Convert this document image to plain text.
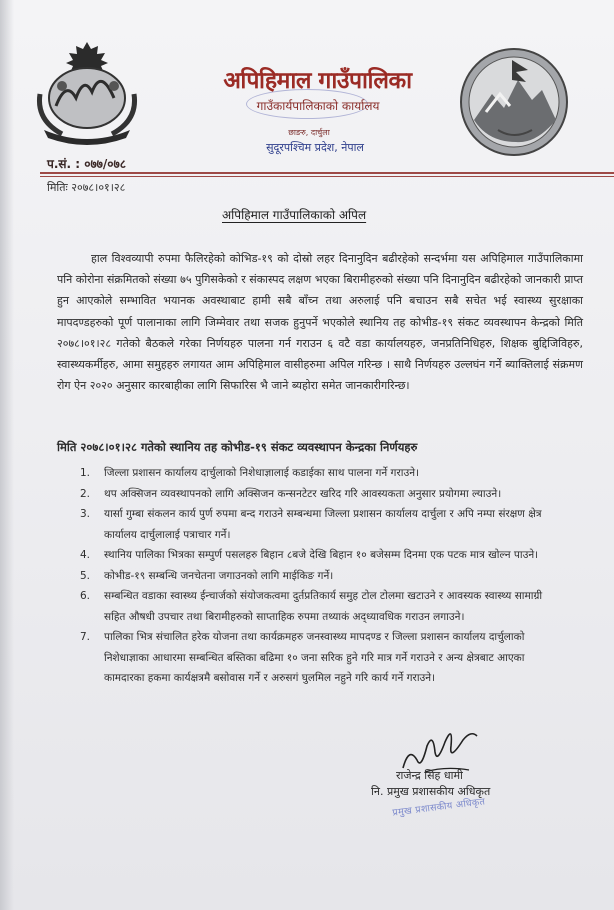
अपिहिमाल गाउँपालिका
गाउँकार्यपालिकाको कार्यालय
छाङरु, दार्चुला
सुदूरपश्चिम प्रदेश, नेपाल
प.सं. : ०७७/०७८
मितिः २०७८।०१।२८
अपिहिमाल गाउँपालिकाको अपिल
हाल विश्वव्यापी रुपमा फैलिरहेको कोभिड-१९ को दोस्रो लहर दिनानुदिन बढीरहेको सन्दर्भमा यस अपिहिमाल गाउँपालिकामा पनि कोरोना संक्रमितको संख्या ७५ पुगिसकेको र संकास्पद लक्षण भएका बिरामीहरुको संख्या पनि दिनानुदिन बढीरहेको जानकारी प्राप्त हुन आएकोले सम्भावित भयानक अवस्थाबाट हामी सबै बाँच्न तथा अरुलाई पनि बचाउन सबै सचेत भई स्वास्थ्य सुरक्षाका मापदण्डहरुको पूर्ण पालानाका लागि जिम्मेवार तथा सजक हुनुपर्ने भएकोले स्थानिय तह कोभीड-१९ संकट व्यवस्थापन केन्द्रको मिति २०७८।०१।२८ गतेको बैठकले गरेका निर्णयहरु पालना गर्न गराउन ६ वटै वडा कार्यालयहरु, जनप्रतिनिधिहरु, शिक्षक बुद्दिजिविहरु, स्वास्थ्यकर्मीहरु, आमा समुहहरु लगायत आम अपिहिमाल वासीहरुमा अपिल गरिन्छ । साथै निर्णयहरु उल्लघंन गर्ने ब्याक्तिलाई संक्रमण रोग ऐन २०२० अनुसार कारबाहीका लागि सिफारिस भै जाने ब्यहोरा समेत जानकारीगरिन्छ।
मिति २०७८।०१।२८ गतेको स्थानिय तह कोभीड-१९ संकट व्यवस्थापन केन्द्रका निर्णयहरु
1. जिल्ला प्रशासन कार्यालय दार्चुलाको निशेधाज्ञालाई कडाईका साथ पालना गर्ने गराउने।
2. थप अक्सिजन व्यवस्थापनको लागि अक्सिजन कन्सनटेटर खरिद गरि आवस्यकता अनुसार प्रयोगमा ल्याउने।
3. यार्सा गुम्बा संकलन कार्य पुर्ण रुपमा बन्द गराउने सम्बन्धमा जिल्ला प्रशासन कार्यालय दार्चुला र अपि नम्पा संरक्षण क्षेत्र कार्यालय दार्चुलालाई पत्राचार गर्ने।
4. स्थानिय पालिका भित्रका सम्पुर्ण पसलहरु बिहान ८बजे देखि बिहान १० बजेसम्म दिनमा एक पटक मात्र खोल्न पाउने।
5. कोभीड-१९ सम्बन्धि जनचेतना जगाउनको लागि माईकिङ गर्ने।
6. सम्बन्धित वडाका स्वास्थ्य ईन्चार्जको संयोजकत्वमा दुर्तप्रतिकार्य समुह टोल टोलमा खटाउने र आवस्यक स्वास्थ्य सामाग्री सहित औषधी उपचार तथा बिरामीहरुको साप्ताहिक रुपमा तथ्याकं अद्‍ध्यावधिक गराउन लगाउने।
7. पालिका भित्र संचालित हरेक योजना तथा कार्यक्रमहरु जनस्वास्थ्य मापदण्ड र जिल्ला प्रशासन कार्यालय दार्चुलाको निशेधाज्ञाका आधारमा सम्बन्धित बस्तिका बढिमा १० जना सरिक हुने गरि मात्र गर्ने गराउने र अन्य क्षेत्रबाट आएका कामदारका हकमा कार्यक्षत्रमै बसोवास गर्ने र अरुसगं घुलमिल नहुने गरि कार्य गर्ने गराउने।
राजेन्द्र सिंह धामी
नि. प्रमुख प्रशासकीय अधिकृत
प्रमुख प्रशासकीय अधिकृत
